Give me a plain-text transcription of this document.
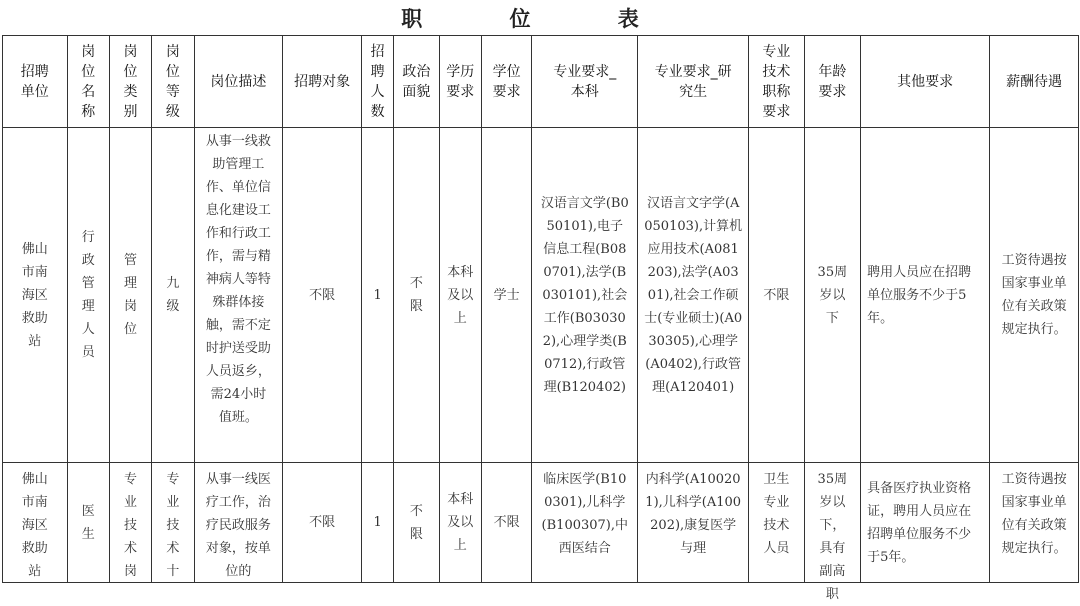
职 位 表
招聘单位	岗位名称	岗位类别	岗位等级	岗位描述	招聘对象	招聘人数	政治面貌	学历要求	学位要求	专业要求_本科	专业要求_研究生	专业技术职称要求	年龄要求	其他要求	薪酬待遇
佛山市南海区救助站	行政管理人员	管理岗位	九级	从事一线救助管理工作、单位信息化建设工作和行政工作，需与精神病人等特殊群体接触，需不定时护送受助人员返乡，需24小时值班。	不限	1	不限	本科及以上	学士	汉语言文学(B050101),电子信息工程(B080701),法学(B030101),社会工作(B030302),心理学类(B0712),行政管理(B120402)	汉语言文字学(A050103),计算机应用技术(A081203),法学(A0301),社会工作硕士(专业硕士)(A030305),心理学(A0402),行政管理(A120401)	不限	35周岁以下	聘用人员应在招聘单位服务不少于5年。	工资待遇按国家事业单位有关政策规定执行。

佛山市南海区救助站	医生	专业技术岗	专业技术十	从事一线医疗工作，治疗民政服务对象，按单位的	不限	1	不限	本科及以上	不限	临床医学(B100301),儿科学(B100307),中西医结合	内科学(A100201),儿科学(A100202),康复医学与理	卫生专业技术人员	35周岁以下，具有副高职	具备医疗执业资格证，聘用人员应在招聘单位服务不少于5年。	工资待遇按国家事业单位有关政策规定执行。
